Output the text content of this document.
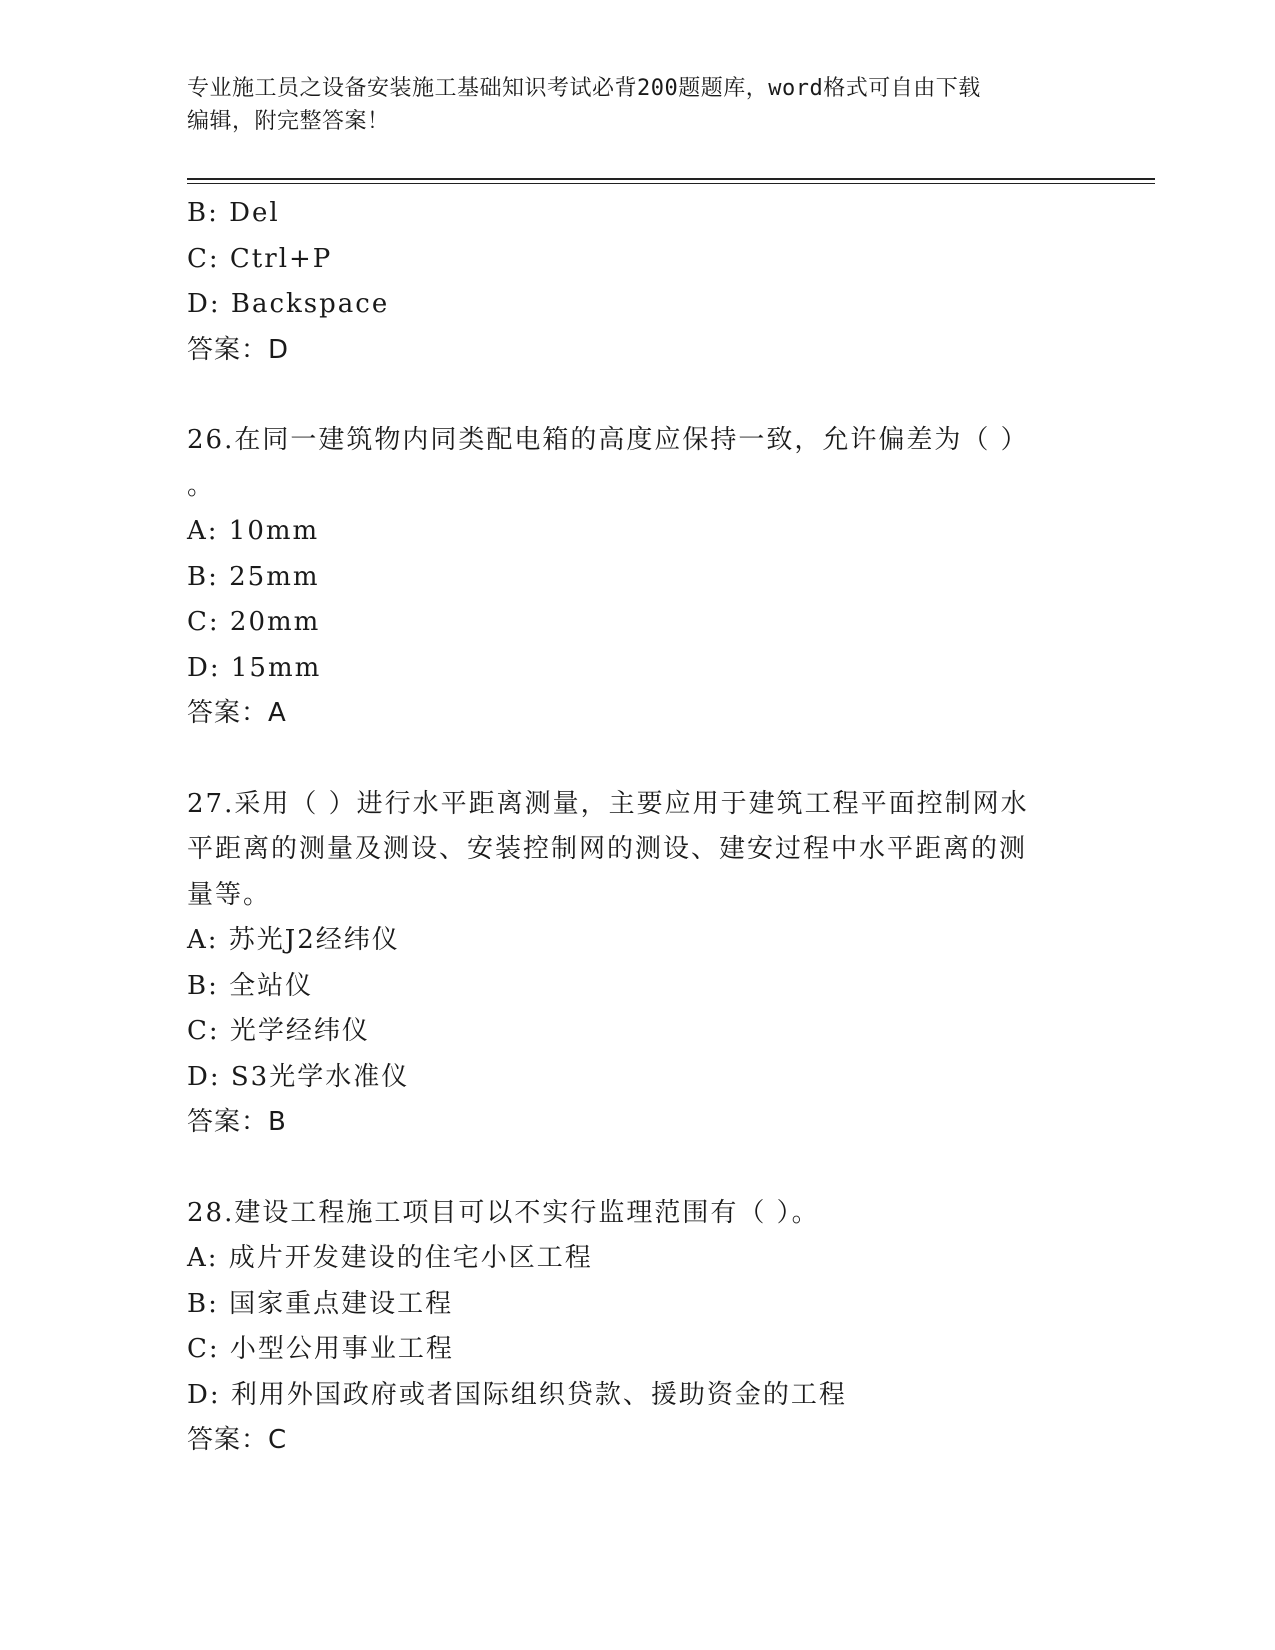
专业施工员之设备安装施工基础知识考试必背200题题库，word格式可自由下载
编辑，附完整答案！
B: Del
C: Ctrl+P
D: Backspace
答案：D
26.在同一建筑物内同类配电箱的高度应保持一致，允许偏差为（ ）
。
A: 10mm
B: 25mm
C: 20mm
D: 15mm
答案：A
27.采用（ ）进行水平距离测量，主要应用于建筑工程平面控制网水
平距离的测量及测设、安装控制网的测设、建安过程中水平距离的测
量等。
A: 苏光J2经纬仪
B: 全站仪
C: 光学经纬仪
D: S3光学水准仪
答案：B
28.建设工程施工项目可以不实行监理范围有（ ）。
A: 成片开发建设的住宅小区工程
B: 国家重点建设工程
C: 小型公用事业工程
D: 利用外国政府或者国际组织贷款、援助资金的工程
答案：C
